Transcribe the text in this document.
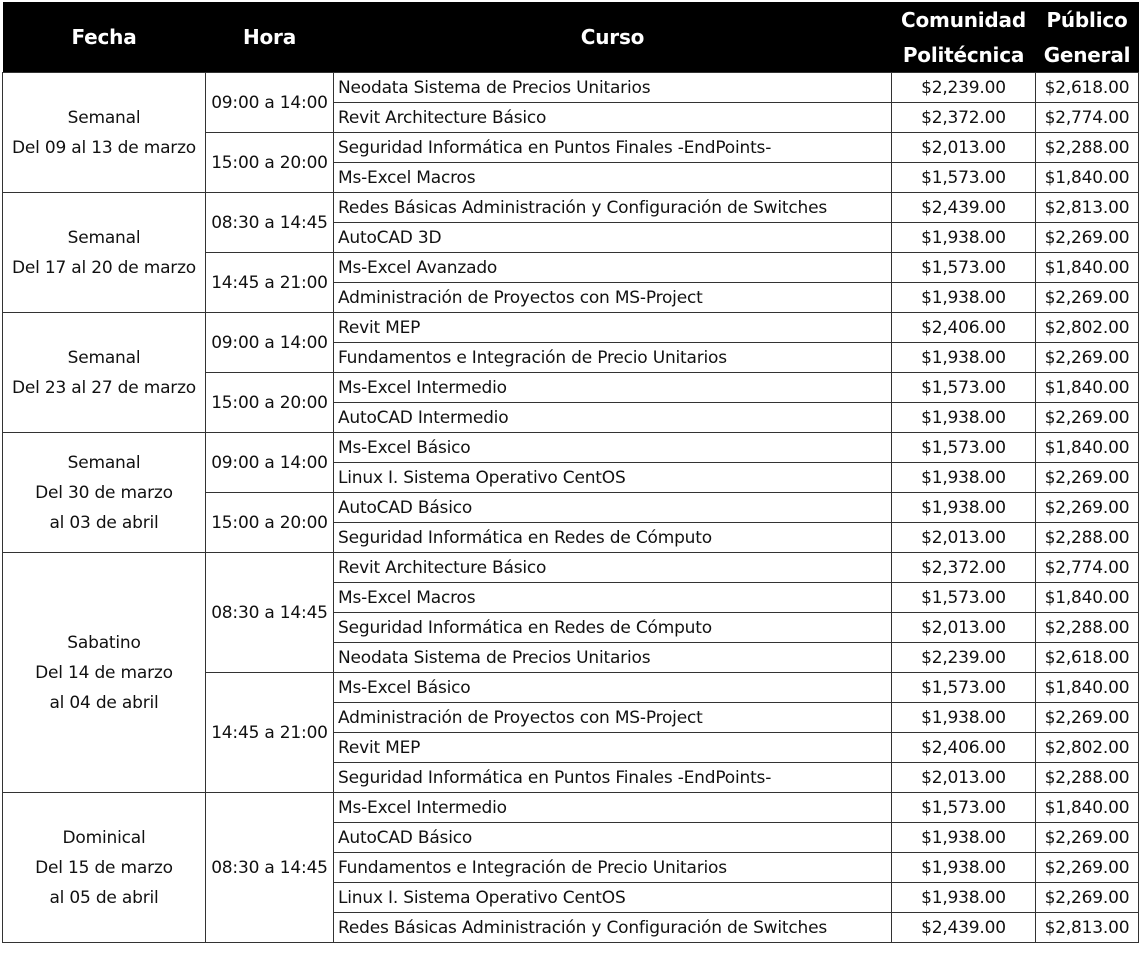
Fecha	Hora	Curso	Comunidad	Público
			Politécnica	General

Semanal
Del 09 al 13 de marzo	09:00 a 14:00	Neodata Sistema de Precios Unitarios	$2,239.00	$2,618.00
		Revit Architecture Básico	$2,372.00	$2,774.00
	15:00 a 20:00	Seguridad Informática en Puntos Finales -EndPoints-	$2,013.00	$2,288.00
		Ms-Excel Macros	$1,573.00	$1,840.00

Semanal
Del 17 al 20 de marzo	08:30 a 14:45	Redes Básicas Administración y Configuración de Switches	$2,439.00	$2,813.00
		AutoCAD 3D	$1,938.00	$2,269.00
	14:45 a 21:00	Ms-Excel Avanzado	$1,573.00	$1,840.00
		Administración de Proyectos con MS-Project	$1,938.00	$2,269.00

Semanal
Del 23 al 27 de marzo	09:00 a 14:00	Revit MEP	$2,406.00	$2,802.00
		Fundamentos e Integración de Precio Unitarios	$1,938.00	$2,269.00
	15:00 a 20:00	Ms-Excel Intermedio	$1,573.00	$1,840.00
		AutoCAD Intermedio	$1,938.00	$2,269.00

Semanal
Del 30 de marzo
al 03 de abril	09:00 a 14:00	Ms-Excel Básico	$1,573.00	$1,840.00
		Linux I. Sistema Operativo CentOS	$1,938.00	$2,269.00
	15:00 a 20:00	AutoCAD Básico	$1,938.00	$2,269.00
		Seguridad Informática en Redes de Cómputo	$2,013.00	$2,288.00

Sabatino
Del 14 de marzo
al 04 de abril	08:30 a 14:45	Revit Architecture Básico	$2,372.00	$2,774.00
		Ms-Excel Macros	$1,573.00	$1,840.00
		Seguridad Informática en Redes de Cómputo	$2,013.00	$2,288.00
		Neodata Sistema de Precios Unitarios	$2,239.00	$2,618.00
	14:45 a 21:00	Ms-Excel Básico	$1,573.00	$1,840.00
		Administración de Proyectos con MS-Project	$1,938.00	$2,269.00
		Revit MEP	$2,406.00	$2,802.00
		Seguridad Informática en Puntos Finales -EndPoints-	$2,013.00	$2,288.00

Dominical
Del 15 de marzo
al 05 de abril	08:30 a 14:45	Ms-Excel Intermedio	$1,573.00	$1,840.00
		AutoCAD Básico	$1,938.00	$2,269.00
		Fundamentos e Integración de Precio Unitarios	$1,938.00	$2,269.00
		Linux I. Sistema Operativo CentOS	$1,938.00	$2,269.00
		Redes Básicas Administración y Configuración de Switches	$2,439.00	$2,813.00
